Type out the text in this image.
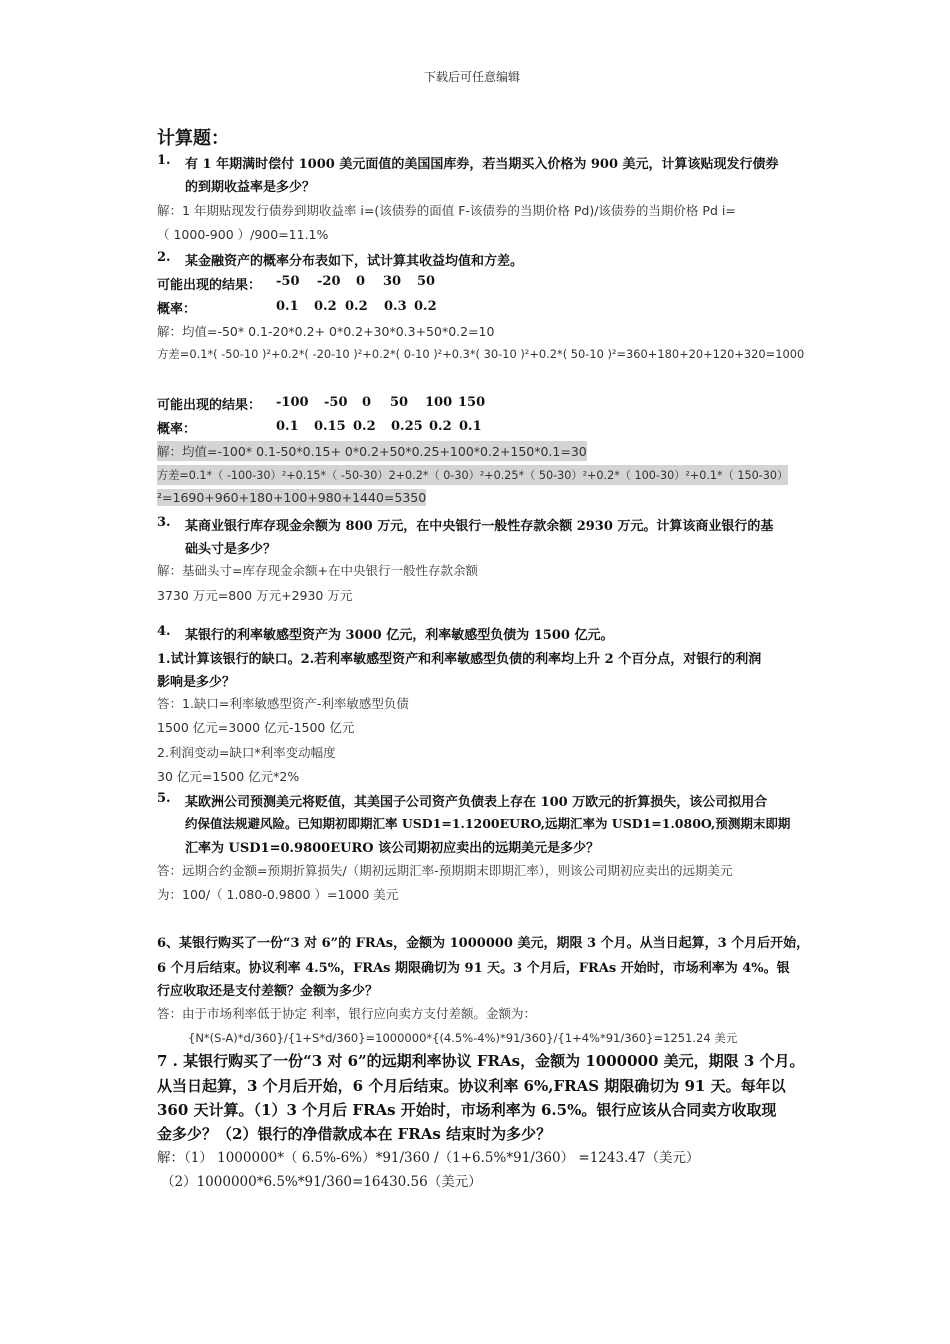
下载后可任意编辑
计算题：
1. 有 1 年期满时偿付 1000 美元面值的美国国库券，若当期买入价格为 900 美元，计算该贴现发行债券
的到期收益率是多少？
解：1 年期贴现发行债券到期收益率 i=(该债券的面值 F-该债券的当期价格 Pd)/该债券的当期价格 Pd i=
（ 1000-900 ）/900=11.1%
2. 某金融资产的概率分布表如下，试计算其收益均值和方差。
可能出现的结果： -50 -20 0 30 50
概率：	0.1 0.2 0.2 0.3 0.2
解：均值=-50* 0.1-20*0.2+ 0*0.2+30*0.3+50*0.2=10
方差=0.1*( -50-10 )²+0.2*( -20-10 )²+0.2*( 0-10 )²+0.3*( 30-10 )²+0.2*( 50-10 )²=360+180+20+120+320=1000
可能出现的结果： -100 -50 0 50 100 150
概率：	0.1 0.15 0.2 0.25 0.2 0.1
解：均值=-100* 0.1-50*0.15+ 0*0.2+50*0.25+100*0.2+150*0.1=30
方差=0.1*（ -100-30）²+0.15*（ -50-30）2+0.2*（ 0-30）²+0.25*（ 50-30）²+0.2*（ 100-30）²+0.1*（ 150-30）
²=1690+960+180+100+980+1440=5350
3. 某商业银行库存现金余额为 800 万元，在中央银行一般性存款余额 2930 万元。计算该商业银行的基
础头寸是多少？
解：基础头寸=库存现金余额+在中央银行一般性存款余额
3730 万元=800 万元+2930 万元
4. 某银行的利率敏感型资产为 3000 亿元，利率敏感型负债为 1500 亿元。
1.试计算该银行的缺口。2.若利率敏感型资产和利率敏感型负债的利率均上升 2 个百分点，对银行的利润
影响是多少？
答：1.缺口=利率敏感型资产-利率敏感型负债
1500 亿元=3000 亿元-1500 亿元
2.利润变动=缺口*利率变动幅度
30 亿元=1500 亿元*2%
5. 某欧洲公司预测美元将贬值，其美国子公司资产负债表上存在 100 万欧元的折算损失，该公司拟用合
约保值法规避风险。已知期初即期汇率 USD1=1.1200EURO,远期汇率为 USD1=1.080O,预测期末即期
汇率为 USD1=0.9800EURO 该公司期初应卖出的远期美元是多少？
答：远期合约金额=预期折算损失/（期初远期汇率-预期期末即期汇率），则该公司期初应卖出的远期美元
为：100/（ 1.080-0.9800 ）=1000 美元
6、某银行购买了一份“3 对 6”的 FRAs，金额为 1000000 美元，期限 3 个月。从当日起算，3 个月后开始，
6 个月后结束。协议利率 4.5%，FRAs 期限确切为 91 天。3 个月后，FRAs 开始时，市场利率为 4%。银
行应收取还是支付差额？金额为多少？
答：由于市场利率低于协定 利率，银行应向卖方支付差额。金额为：
{N*(S-A)*d/360}/{1+S*d/360}=1000000*{(4.5%-4%)*91/360}/{1+4%*91/360}=1251.24 美元
7 . 某银行购买了一份“3 对 6”的远期利率协议 FRAs，金额为 1000000 美元，期限 3 个月。
从当日起算，3 个月后开始，6 个月后结束。协议利率 6%,FRAS 期限确切为 91 天。每年以
360 天计算。（1）3 个月后 FRAs 开始时，市场利率为 6.5%。银行应该从合同卖方收取现
金多少？（2）银行的净借款成本在 FRAs 结束时为多少？
解：（1） 1000000*（ 6.5%-6%）*91/360 /（1+6.5%*91/360） =1243.47（美元）
（2）1000000*6.5%*91/360=16430.56（美元）
